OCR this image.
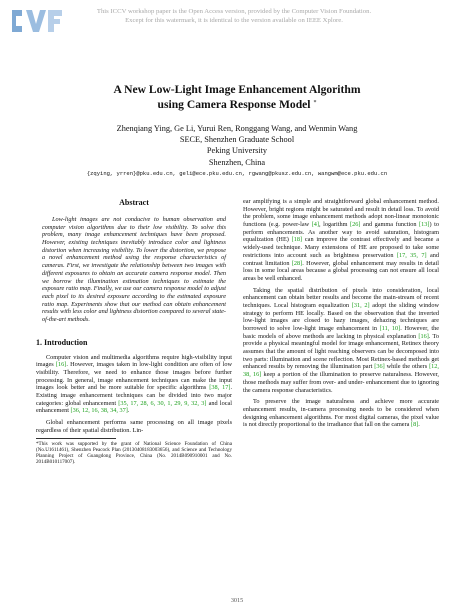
This ICCV workshop paper is the Open Access version, provided by the Computer Vision Foundation.
Except for this watermark, it is identical to the version available on IEEE Xplore.
A New Low-Light Image Enhancement Algorithm
using Camera Response Model *
Zhenqiang Ying, Ge Li, Yurui Ren, Ronggang Wang, and Wenmin Wang
SECE, Shenzhen Graduate School
Peking University
Shenzhen, China
{zqying, yrren}@pku.edu.cn, geli@ece.pku.edu.cn, rgwang@pkusz.edu.cn, wangwm@ece.pku.edu.cn
Abstract

Low-light images are not conducive to human observation and computer vision algorithms due to their low visibility. To solve this problem, many image enhancement techniques have been proposed. However, existing techniques inevitably introduce color and lightness distortion when increasing visibility. To lower the distortion, we propose a novel enhancement method using the response characteristics of cameras. First, we investigate the relationship between two images with different exposures to obtain an accurate camera response model. Then we borrow the illumination estimation techniques to estimate the exposure ratio map. Finally, we use our camera response model to adjust each pixel to its desired exposure according to the estimated exposure ratio map. Experiments show that our method can obtain enhancement results with less color and lightness distortion compared to several state-of-the-art methods.

1. Introduction

Computer vision and multimedia algorithms require high-visibility input images [16]. However, images taken in low-light condition are often of low visibility. Therefore, we need to enhance those images before further processing. In general, image enhancement techniques can make the input images look better and be more suitable for specific algorithms [38, 17]. Existing image enhancement techniques can be divided into two major categories: global enhancement [35, 17, 28, 6, 30, 1, 29, 9, 32, 3] and local enhancement [36, 12, 16, 38, 34, 37].

Global enhancement performs same processing on all image pixels regardless of their spatial distribution. Lin-

*This work was supported by the grant of National Science Foundation of China (No.U1611461), Shenzhen Peacock Plan (20130408183003656), and Science and Technology Planning Project of Guangdong Province, China (No. 2014B090910001 and No. 2014B010117007).

ear amplifying is a simple and straightforward global enhancement method. However, bright regions might be saturated and result in detail loss. To avoid the problem, some image enhancement methods adopt non-linear monotonic functions (e.g. power-law [4], logarithm [26] and gamma function [13]) to perform enhancements. As another way to avoid saturation, histogram equalization (HE) [18] can improve the contrast effectively and became a widely-used technique. Many extensions of HE are proposed to take some restrictions into account such as brightness preservation [17, 35, 7] and contrast limitation [28]. However, global enhancement may results in detail loss in some local areas because a global processing can not ensure all local areas be well enhanced.

Taking the spatial distribution of pixels into consideration, local enhancement can obtain better results and become the main-stream of recent techniques. Local histogram equalization [31, 2] adopt the sliding window strategy to perform HE locally. Based on the observation that the inverted low-light images are closed to hazy images, dehazing techniques are borrowed to solve low-light image enhancement in [11, 10]. However, the basic models of above methods are lacking in physical explanation [16]. To provide a physical meaningful model for image enhancement, Retinex theory assumes that the amount of light reaching observers can be decomposed into two parts: illumination and scene reflection. Most Retinex-based methods get enhanced results by removing the illumination part [36] while the others [12, 38, 16] keep a portion of the illumination to preserve naturalness. However, those methods may suffer from over- and under- enhancement due to ignoring the camera response characteristics.

To preserve the image naturalness and achieve more accurate enhancement results, in-camera processing needs to be considered when designing enhancement algorithms. For most digital cameras, the pixel value is not directly proportional to the irradiance that fall on the camera [8].

3015
